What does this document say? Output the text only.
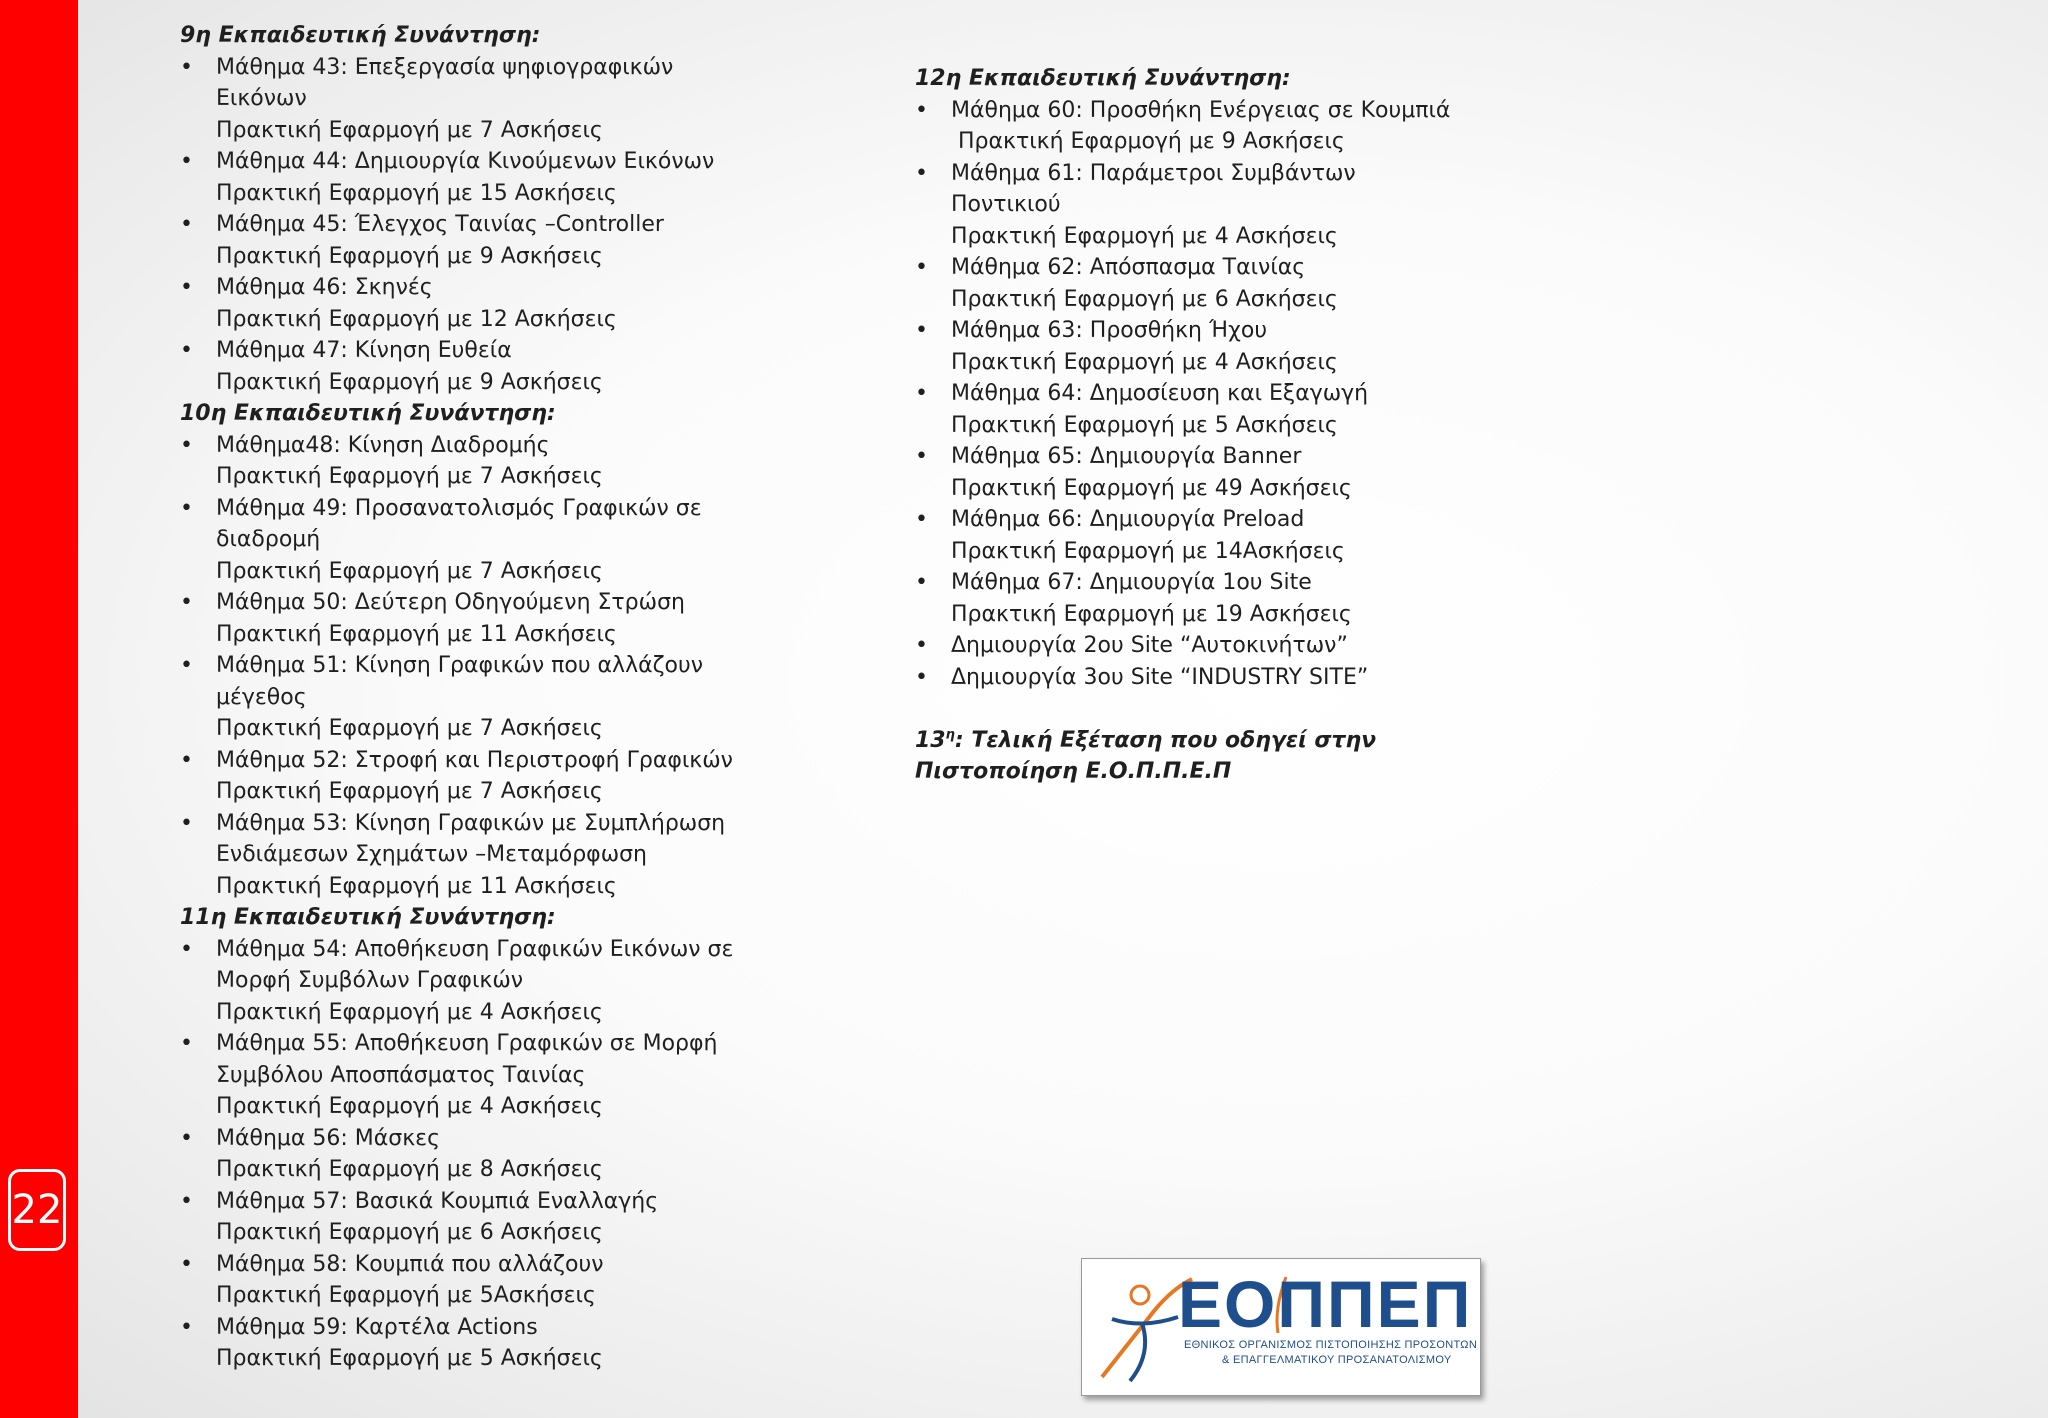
22
9η Εκπαιδευτική Συνάντηση:
• Μάθημα 43: Επεξεργασία ψηφιογραφικών
Εικόνων
Πρακτική Εφαρμογή με 7 Ασκήσεις
• Μάθημα 44: Δημιουργία Κινούμενων Εικόνων
Πρακτική Εφαρμογή με 15 Ασκήσεις
• Μάθημα 45: Έλεγχος Ταινίας –Controller
Πρακτική Εφαρμογή με 9 Ασκήσεις
• Μάθημα 46: Σκηνές
Πρακτική Εφαρμογή με 12 Ασκήσεις
• Μάθημα 47: Κίνηση Ευθεία
Πρακτική Εφαρμογή με 9 Ασκήσεις
10η Εκπαιδευτική Συνάντηση:
• Μάθημα48: Κίνηση Διαδρομής
Πρακτική Εφαρμογή με 7 Ασκήσεις
• Μάθημα 49: Προσανατολισμός Γραφικών σε
διαδρομή
Πρακτική Εφαρμογή με 7 Ασκήσεις
• Μάθημα 50: Δεύτερη Οδηγούμενη Στρώση
Πρακτική Εφαρμογή με 11 Ασκήσεις
• Μάθημα 51: Κίνηση Γραφικών που αλλάζουν
μέγεθος
Πρακτική Εφαρμογή με 7 Ασκήσεις
• Μάθημα 52: Στροφή και Περιστροφή Γραφικών
Πρακτική Εφαρμογή με 7 Ασκήσεις
• Μάθημα 53: Κίνηση Γραφικών με Συμπλήρωση
Ενδιάμεσων Σχημάτων –Μεταμόρφωση
Πρακτική Εφαρμογή με 11 Ασκήσεις
11η Εκπαιδευτική Συνάντηση:
• Μάθημα 54: Αποθήκευση Γραφικών Εικόνων σε
Μορφή Συμβόλων Γραφικών
Πρακτική Εφαρμογή με 4 Ασκήσεις
• Μάθημα 55: Αποθήκευση Γραφικών σε Μορφή
Συμβόλου Αποσπάσματος Ταινίας
Πρακτική Εφαρμογή με 4 Ασκήσεις
• Μάθημα 56: Μάσκες
Πρακτική Εφαρμογή με 8 Ασκήσεις
• Μάθημα 57: Βασικά Κουμπιά Εναλλαγής
Πρακτική Εφαρμογή με 6 Ασκήσεις
• Μάθημα 58: Κουμπιά που αλλάζουν
Πρακτική Εφαρμογή με 5Ασκήσεις
• Μάθημα 59: Καρτέλα Actions
Πρακτική Εφαρμογή με 5 Ασκήσεις
12η Εκπαιδευτική Συνάντηση:
• Μάθημα 60: Προσθήκη Ενέργειας σε Κουμπιά
Πρακτική Εφαρμογή με 9 Ασκήσεις
• Μάθημα 61: Παράμετροι Συμβάντων
Ποντικιού
Πρακτική Εφαρμογή με 4 Ασκήσεις
• Μάθημα 62: Απόσπασμα Ταινίας
Πρακτική Εφαρμογή με 6 Ασκήσεις
• Μάθημα 63: Προσθήκη Ήχου
Πρακτική Εφαρμογή με 4 Ασκήσεις
• Μάθημα 64: Δημοσίευση και Εξαγωγή
Πρακτική Εφαρμογή με 5 Ασκήσεις
• Μάθημα 65: Δημιουργία Banner
Πρακτική Εφαρμογή με 49 Ασκήσεις
• Μάθημα 66: Δημιουργία Preload
Πρακτική Εφαρμογή με 14Ασκήσεις
• Μάθημα 67: Δημιουργία 1ου Site
Πρακτική Εφαρμογή με 19 Ασκήσεις
• Δημιουργία 2ου Site “Αυτοκινήτων”
• Δημιουργία 3ου Site “INDUSTRY SITE”
$13^\eta$: Τελική Εξέταση που οδηγεί στην
Πιστοποίηση Ε.Ο.Π.Π.Ε.Π
ΕΟΠΠΕΠ
ΕΘΝΙΚΟΣ ΟΡΓΑΝΙΣΜΟΣ ΠΙΣΤΟΠΟΙΗΣΗΣ ΠΡΟΣΟΝΤΩΝ
& ΕΠΑΓΓΕΛΜΑΤΙΚΟΥ ΠΡΟΣΑΝΑΤΟΛΙΣΜΟΥ
